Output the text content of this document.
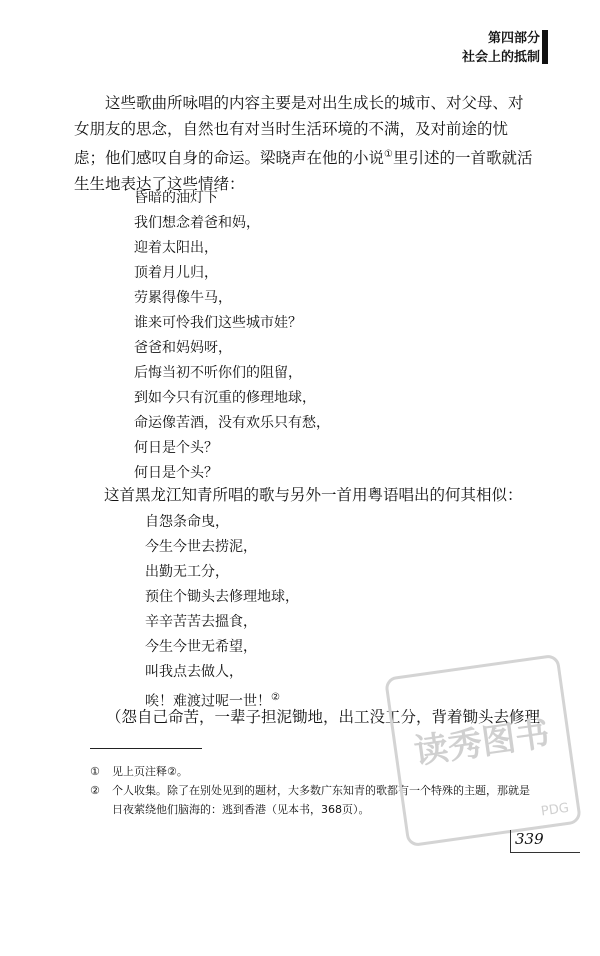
第四部分
社会上的抵制
这些歌曲所咏唱的内容主要是对出生成长的城市、对父母、对女朋友的思念，自然也有对当时生活环境的不满，及对前途的忧虑；他们感叹自身的命运。梁晓声在他的小说①里引述的一首歌就活生生地表达了这些情绪：
昏暗的油灯下
我们想念着爸和妈，
迎着太阳出，
顶着月儿归，
劳累得像牛马，
谁来可怜我们这些城市娃？
爸爸和妈妈呀，
后悔当初不听你们的阻留，
到如今只有沉重的修理地球，
命运像苦酒，没有欢乐只有愁，
何日是个头？
何日是个头？
这首黑龙江知青所唱的歌与另外一首用粤语唱出的何其相似：
自怨条命曳，
今生今世去捞泥，
出勤无工分，
预住个锄头去修理地球，
辛辛苦苦去搵食，
今生今世无希望，
叫我点去做人，
唉！难渡过呢一世！②
（怨自己命苦，一辈子担泥锄地，出工没工分，背着锄头去修理
①	见上页注释②。
②	个人收集。除了在别处见到的题材，大多数广东知青的歌都有一个特殊的主题，那就是日夜萦绕他们脑海的：逃到香港（见本书，368页）。
读秀图书
PDG
339
